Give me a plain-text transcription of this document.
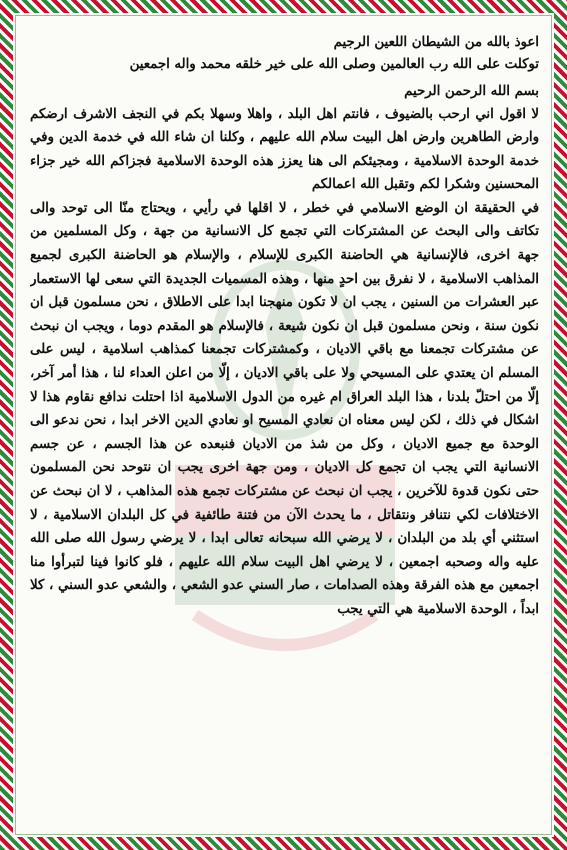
اعوذ بالله من الشيطان اللعين الرجيم

توكلت على الله رب العالمين وصلى الله على خير خلقه محمد واله اجمعين

بسم الله الرحمن الرحيم

لا اقول اني ارحب بالضيوف ، فانتم اهل البلد ، واهلا وسهلا بكم في النجف الاشرف ارضكم وارض الطاهرين وارض اهل البيت سلام الله عليهم ، وكلنا ان شاء الله في خدمة الدين وفي خدمة الوحدة الاسلامية ، ومجيئكم الى هنا يعزز هذه الوحدة الاسلامية فجزاكم الله خير جزاء المحسنين وشكرا لكم وتقبل الله اعمالكم

في الحقيقة ان الوضع الاسلامي في خطر ، لا اقلها في رأيي ، ويحتاج منّا الى توحد والى تكاتف والى البحث عن المشتركات التي تجمع كل الانسانية من جهة ، وكل المسلمين من جهة اخرى، فالإنسانية هي الحاضنة الكبرى للإسلام ، والإسلام هو الحاضنة الكبرى لجميع المذاهب الاسلامية ، لا نفرق بين احدٍ منها ، وهذه المسميات الجديدة التي سعى لها الاستعمار عبر العشرات من السنين ، يجب ان لا تكون منهجنا ابدا على الاطلاق ، نحن مسلمون قبل ان نكون سنة ، ونحن مسلمون قبل ان نكون شيعة ، فالإسلام هو المقدم دوما ، ويجب ان نبحث عن مشتركات تجمعنا مع باقي الاديان ، وكمشتركات تجمعنا كمذاهب اسلامية ، ليس على المسلم ان يعتدي على المسيحي ولا على باقي الاديان ، إلّا من اعلن العداء لنا ، هذا أمر آخر، إلّا من احتلّ بلدنا ، هذا البلد العراق ام غيره من الدول الاسلامية اذا احتلت ندافع نقاوم هذا لا اشكال في ذلك ، لكن ليس معناه ان نعادي المسيح او نعادي الدين الاخر ابدا ، نحن ندعو الى الوحدة مع جميع الاديان ، وكل من شذ من الاديان فنبعده عن هذا الجسم ، عن جسم الانسانية التي يجب ان تجمع كل الاديان ، ومن جهة اخرى يجب ان نتوحد نحن المسلمون حتى نكون قدوة للآخرين ، يجب ان نبحث عن مشتركات تجمع هذه المذاهب ، لا ان نبحث عن الاختلافات لكي نتنافر ونتقاتل ، ما يحدث الآن من فتنة طائفية في كل البلدان الاسلامية ، لا استثني أي بلد من البلدان ، لا يرضي الله سبحانه تعالى ابدا ، لا يرضي رسول الله صلى الله عليه واله وصحبه اجمعين ، لا يرضي اهل البيت سلام الله عليهم ، فلو كانوا فينا لتبرأوا منا اجمعين مع هذه الفرقة وهذه الصدامات ، صار السني عدو الشعي ، والشعي عدو السني ، كلا ابداً ، الوحدة الاسلامية هي التي يجب
